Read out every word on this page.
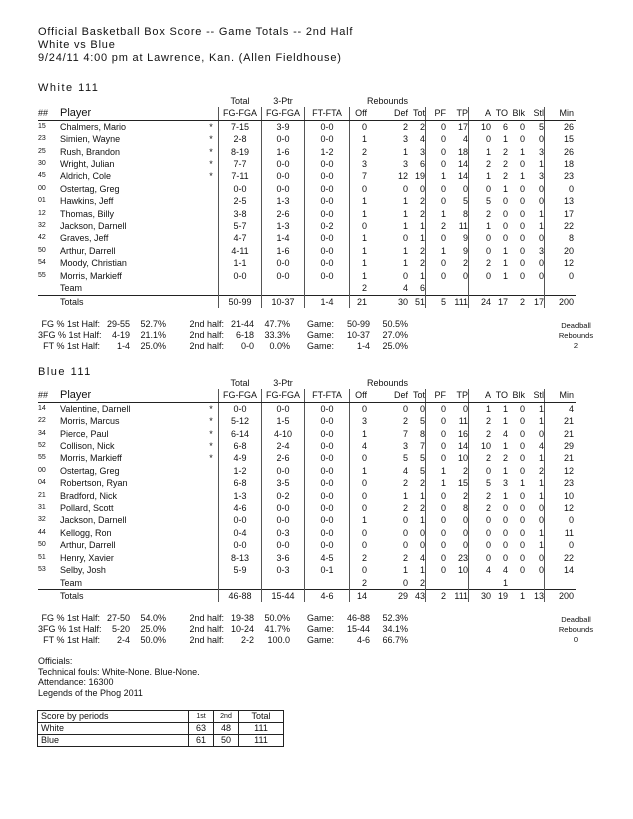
Official Basketball Box Score -- Game Totals -- 2nd Half
White vs Blue
9/24/11 4:00 pm at Lawrence, Kan. (Allen Fieldhouse)
White 111
			Total	3-Ptr			Rebounds								
##	Player		FG-FGA	FG-FGA	FT-FTA	Off	Def	Tot	PF	TP	A	TO	Blk	Stl	Min
15	Chalmers, Mario	*	7-15	3-9	0-0	0	2	2	0	17	10	6	0	5	26
23	Simien, Wayne	*	2-8	0-0	0-0	1	3	4	0	4	0	1	0	0	15
25	Rush, Brandon	*	8-19	1-6	1-2	2	1	3	0	18	1	2	1	3	26
30	Wright, Julian	*	7-7	0-0	0-0	3	3	6	0	14	2	2	0	1	18
45	Aldrich, Cole	*	7-11	0-0	0-0	7	12	19	1	14	1	2	1	3	23
00	Ostertag, Greg		0-0	0-0	0-0	0	0	0	0	0	0	1	0	0	0
01	Hawkins, Jeff		2-5	1-3	0-0	1	1	2	0	5	5	0	0	0	13
12	Thomas, Billy		3-8	2-6	0-0	1	1	2	1	8	2	0	0	1	17
32	Jackson, Darnell		5-7	1-3	0-2	0	1	1	2	11	1	0	0	1	22
42	Graves, Jeff		4-7	1-4	0-0	1	0	1	0	9	0	0	0	0	8
50	Arthur, Darrell		4-11	1-6	0-0	1	1	2	1	9	0	1	0	3	20
54	Moody, Christian		1-1	0-0	0-0	1	1	2	0	2	2	1	0	0	12
55	Morris, Markieff		0-0	0-0	0-0	1	0	1	0	0	0	1	0	0	0
	Team					2	4	6							
	Totals		50-99	10-37	1-4	21	30	51	5	111	24	17	2	17	200
FG % 1st Half: 29-55 52.7%	2nd half: 21-44 47.7% Game: 50-99 50.5%
3FG % 1st Half: 4-19 21.1%	2nd half: 6-18 33.3% Game: 10-37 27.0%
FT % 1st Half: 1-4 25.0%	2nd half: 0-0 0.0% Game:	1-4 25.0%
Deadball
Rebounds
2
Blue 111
			Total	3-Ptr			Rebounds								
##	Player		FG-FGA	FG-FGA	FT-FTA	Off	Def	Tot	PF	TP	A	TO	Blk	Stl	Min
14	Valentine, Darnell	*	0-0	0-0	0-0	0	0	0	0	0	1	1	0	1	4
22	Morris, Marcus	*	5-12	1-5	0-0	3	2	5	0	11	2	1	0	1	21
34	Pierce, Paul	*	6-14	4-10	0-0	1	7	8	0	16	2	4	0	0	21
52	Collison, Nick	*	6-8	2-4	0-0	4	3	7	0	14	10	1	0	4	29
55	Morris, Markieff	*	4-9	2-6	0-0	0	5	5	0	10	2	2	0	1	21
00	Ostertag, Greg		1-2	0-0	0-0	1	4	5	1	2	0	1	0	2	12
04	Robertson, Ryan		6-8	3-5	0-0	0	2	2	1	15	5	3	1	1	23
21	Bradford, Nick		1-3	0-2	0-0	0	1	1	0	2	2	1	0	1	10
31	Pollard, Scott		4-6	0-0	0-0	0	2	2	0	8	2	0	0	0	12
32	Jackson, Darnell		0-0	0-0	0-0	1	0	1	0	0	0	0	0	0	0
44	Kellogg, Ron		0-4	0-3	0-0	0	0	0	0	0	0	0	0	1	11
50	Arthur, Darrell		0-0	0-0	0-0	0	0	0	0	0	0	0	0	1	0
51	Henry, Xavier		8-13	3-6	4-5	2	2	4	0	23	0	0	0	0	22
53	Selby, Josh		5-9	0-3	0-1	0	1	1	0	10	4	4	0	0	14
	Team					2	0	2				1			
	Totals		46-88	15-44	4-6	14	29	43	2	111	30	19	1	13	200
FG % 1st Half: 27-50 54.0%	2nd half: 19-38 50.0% Game: 46-88 52.3%
3FG % 1st Half: 5-20 25.0%	2nd half: 10-24 41.7% Game: 15-44 34.1%
FT % 1st Half: 2-4 50.0%	2nd half: 2-2 100.0 Game:	4-6 66.7%
Deadball
Rebounds
0
Officials:
Technical fouls: White-None. Blue-None.
Attendance: 16300
Legends of the Phog 2011
Score by periods	1st	2nd	Total
White	63	48	111
Blue	61	50	111
